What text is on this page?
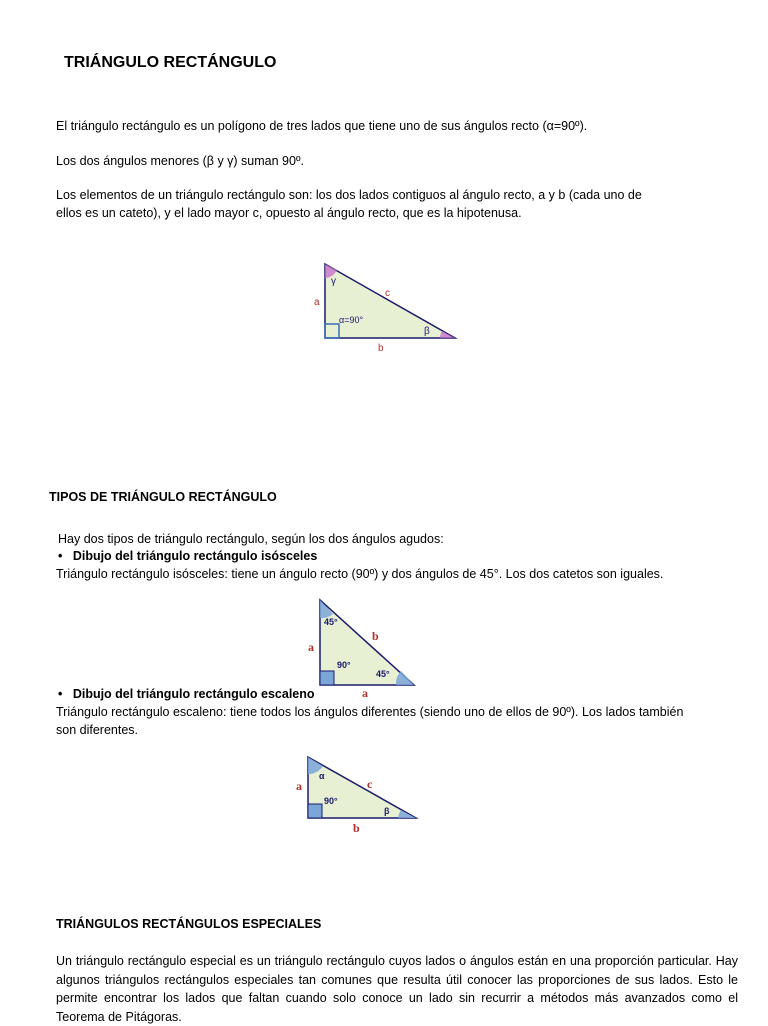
TRIÁNGULO RECTÁNGULO
El triángulo rectángulo es un polígono de tres lados que tiene uno de sus ángulos recto (α=90º).
Los dos ángulos menores (β y γ) suman 90º.
Los elementos de un triángulo rectángulo son: los dos lados contiguos al ángulo recto, a y b (cada uno de
ellos es un cateto), y el lado mayor c, opuesto al ángulo recto, que es la hipotenusa.
γ
c
a
α=90°
β
b
TIPOS DE TRIÁNGULO RECTÁNGULO
Hay dos tipos de triángulo rectángulo, según los dos ángulos agudos:
• Dibujo del triángulo rectángulo isósceles
Triángulo rectángulo isósceles: tiene un ángulo recto (90º) y dos ángulos de 45°. Los dos catetos son iguales.
45°
b
a
90°
45°
a
• Dibujo del triángulo rectángulo escaleno
Triángulo rectángulo escaleno: tiene todos los ángulos diferentes (siendo uno de ellos de 90º). Los lados también
son diferentes.
α
c
a
90°
β
b
TRIÁNGULOS RECTÁNGULOS ESPECIALES
Un triángulo rectángulo especial es un triángulo rectángulo cuyos lados o ángulos están en una proporción particular. Hay algunos triángulos rectángulos especiales tan comunes que resulta útil conocer las proporciones de sus lados. Esto le permite encontrar los lados que faltan cuando solo conoce un lado sin recurrir a métodos más avanzados como el Teorema de Pitágoras.
